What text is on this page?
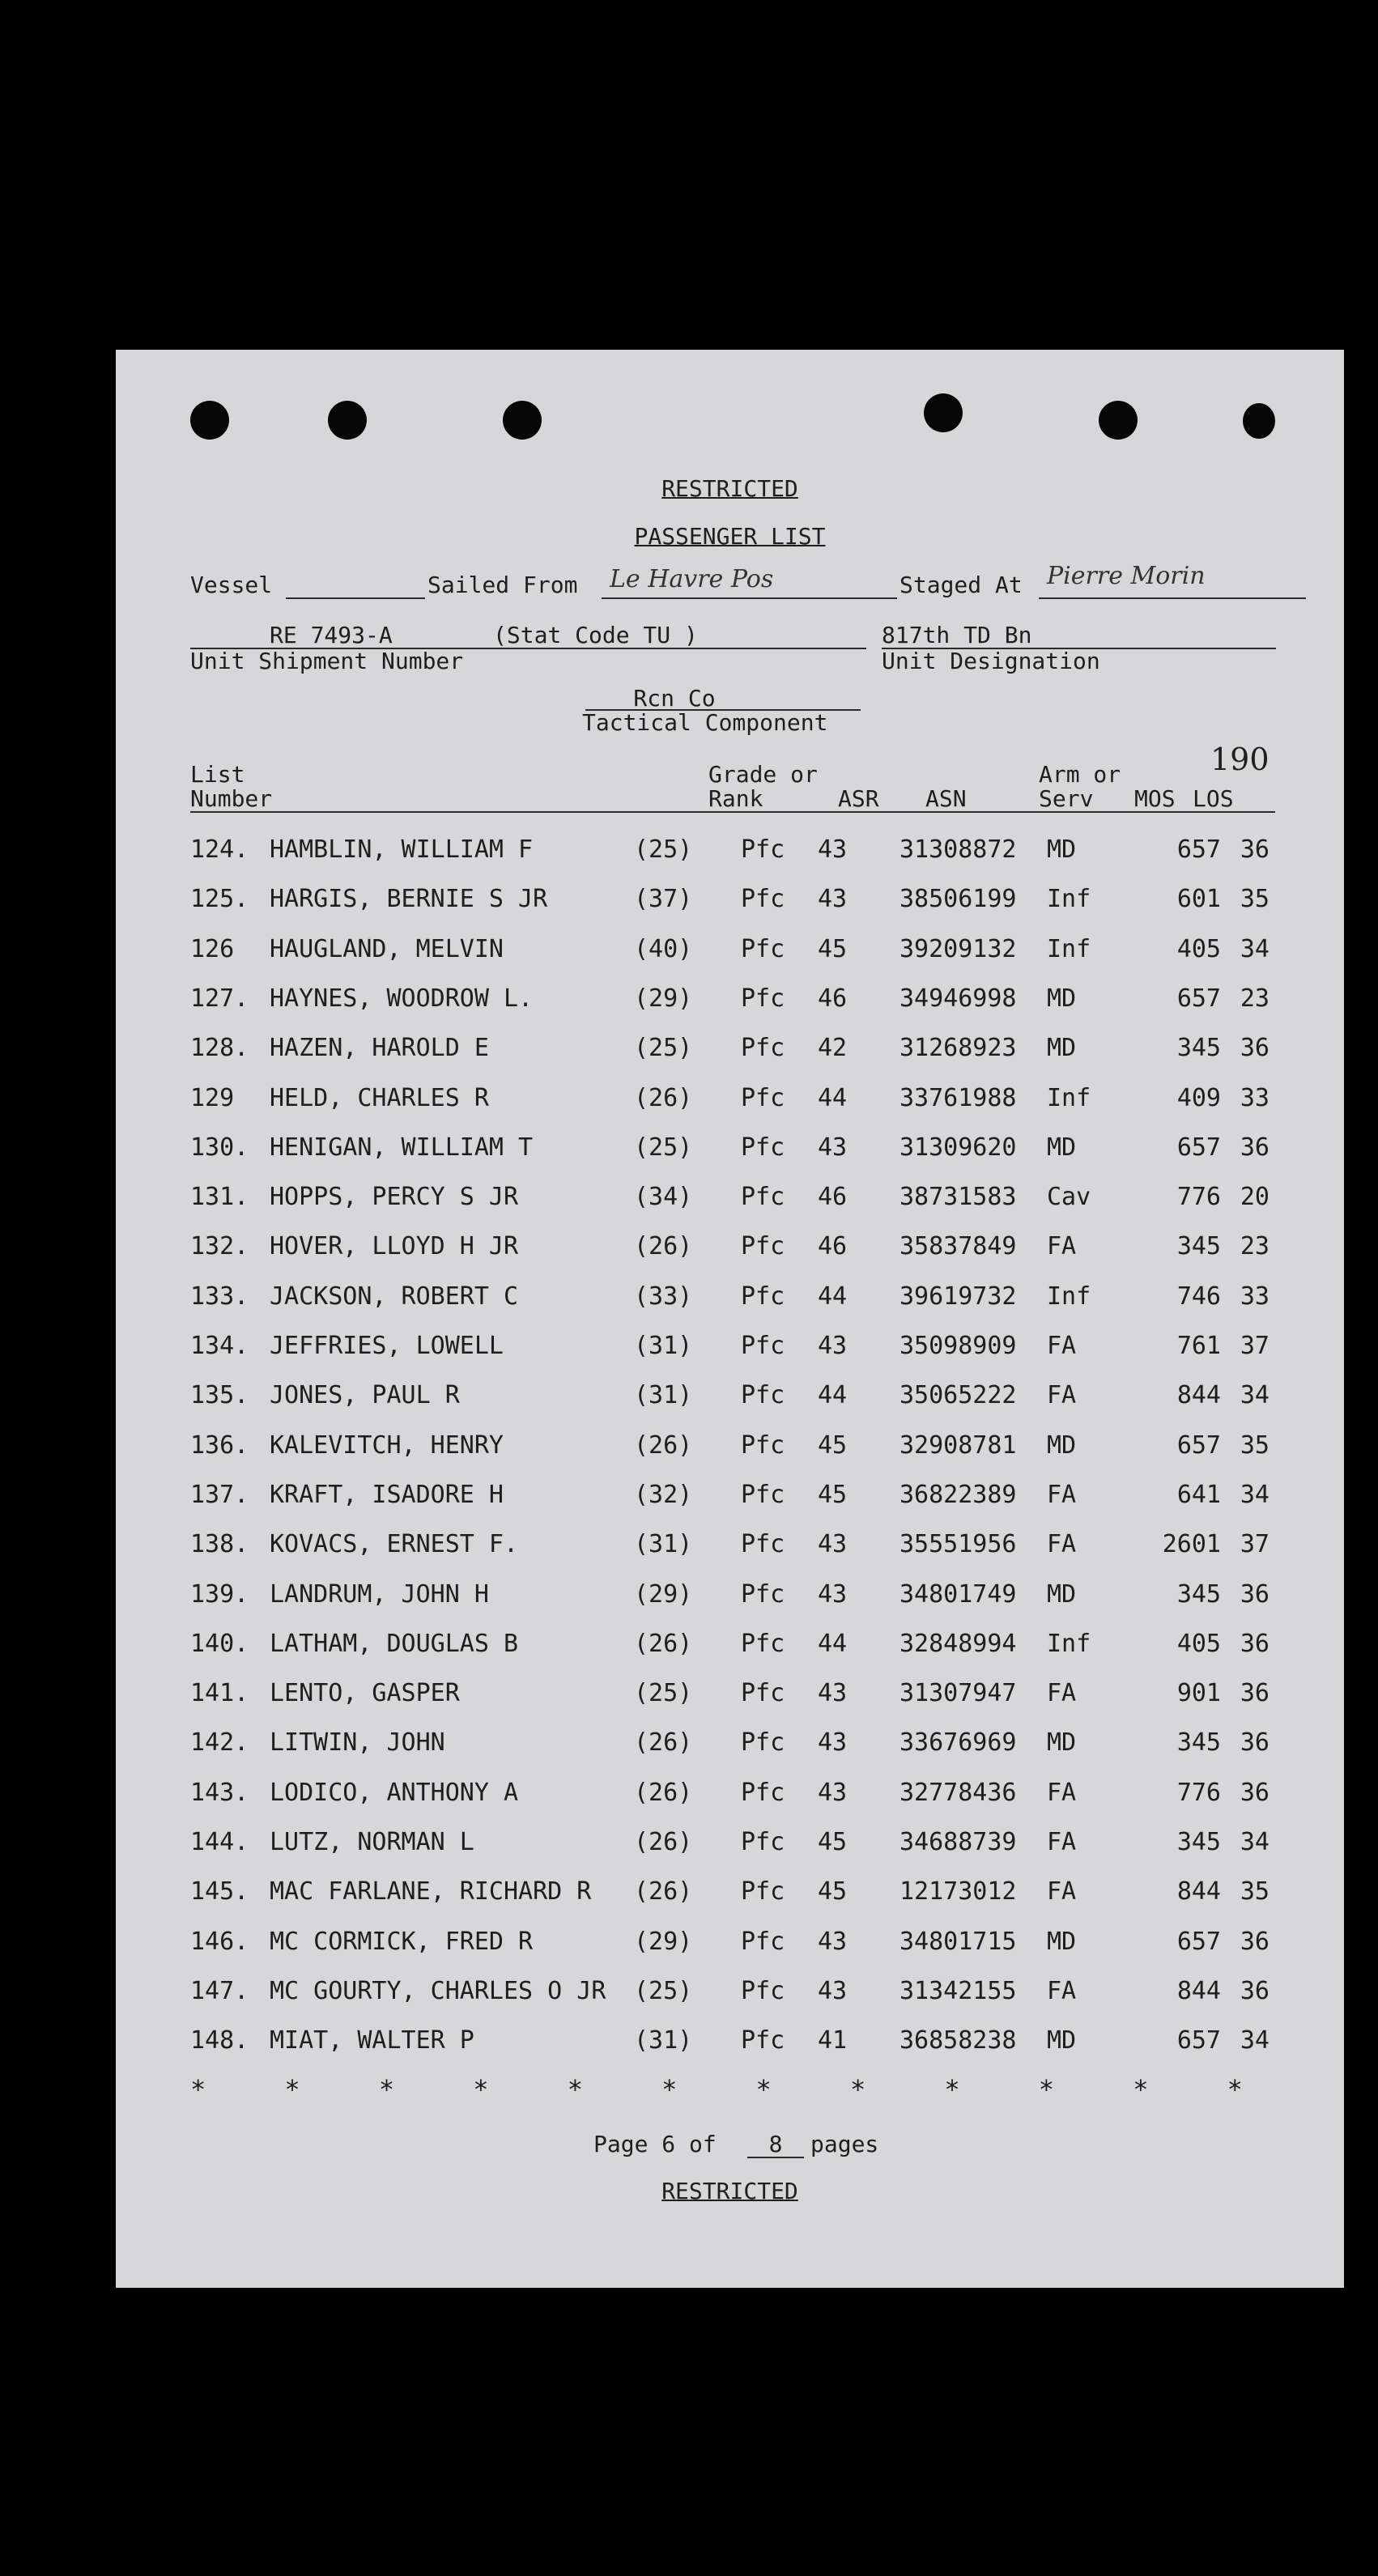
RESTRICTED
PASSENGER LIST
Vessel	Sailed From Le Havre Pos	Staged At Pierre Morin
RE 7493-A	(Stat Code TU )
Unit Shipment Number
817th TD Bn
Unit Designation
Rcn Co
Tactical Component
190
List
Number
Grade or
Rank	ASR ASN
Arm or
Serv MOS LOS
124. HAMBLIN, WILLIAM F	(25) Pfc 43 31308872 MD	657 36
125. HARGIS, BERNIE S JR	(37) Pfc 43 38506199 Inf	601 35
126 HAUGLAND, MELVIN	(40) Pfc 45 39209132 Inf	405 34
127. HAYNES, WOODROW L.	(29) Pfc 46 34946998 MD	657 23
128. HAZEN, HAROLD E	(25) Pfc 42 31268923 MD	345 36
129 HELD, CHARLES R	(26) Pfc 44 33761988 Inf	409 33
130. HENIGAN, WILLIAM T	(25) Pfc 43 31309620 MD	657 36
131. HOPPS, PERCY S JR	(34) Pfc 46 38731583 Cav	776 20
132. HOVER, LLOYD H JR	(26) Pfc 46 35837849 FA	345 23
133. JACKSON, ROBERT C	(33) Pfc 44 39619732 Inf	746 33
134. JEFFRIES, LOWELL	(31) Pfc 43 35098909 FA	761 37
135. JONES, PAUL R	(31) Pfc 44 35065222 FA	844 34
136. KALEVITCH, HENRY	(26) Pfc 45 32908781 MD	657 35
137. KRAFT, ISADORE H	(32) Pfc 45 36822389 FA	641 34
138. KOVACS, ERNEST F.	(31) Pfc 43 35551956 FA	2601 37
139. LANDRUM, JOHN H	(29) Pfc 43 34801749 MD	345 36
140. LATHAM, DOUGLAS B	(26) Pfc 44 32848994 Inf	405 36
141. LENTO, GASPER	(25) Pfc 43 31307947 FA	901 36
142. LITWIN, JOHN	(26) Pfc 43 33676969 MD	345 36
143. LODICO, ANTHONY A	(26) Pfc 43 32778436 FA	776 36
144. LUTZ, NORMAN L	(26) Pfc 45 34688739 FA	345 34
145. MAC FARLANE, RICHARD R (26) Pfc 45 12173012 FA	844 35
146. MC CORMICK, FRED R	(29) Pfc 43 34801715 MD	657 36
147. MC GOURTY, CHARLES O JR (25) Pfc 43 31342155 FA	844 36
148. MIAT, WALTER P	(31) Pfc 41 36858238 MD	657 34
*	*	*	*	*	*	*	*	*	*	*	*
Page 6 of	8	pages
RESTRICTED
